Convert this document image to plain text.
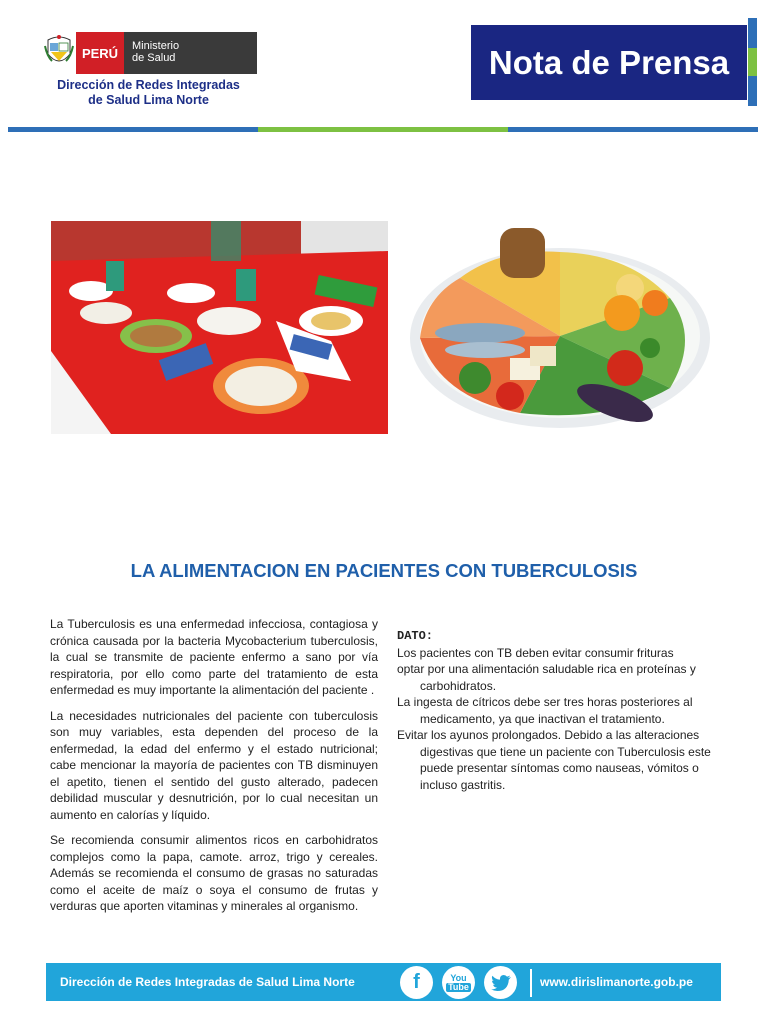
PERÚ Ministerio
de Salud
Dirección de Redes Integradas
de Salud Lima Norte
Nota de Prensa
LA ALIMENTACION EN PACIENTES CON TUBERCULOSIS

La Tuberculosis es una enfermedad infecciosa, contagiosa y crónica causada por la bacteria Mycobacterium tuberculosis, la cual se transmite de paciente enfermo a sano por vía respiratoria, por ello como parte del tratamiento de esta enfermedad es muy importante la alimentación del paciente .

La necesidades nutricionales del paciente con tuberculosis son muy variables, esta dependen del proceso de la enfermedad, la edad del enfermo y el estado nutricional; cabe mencionar la mayoría de pacientes con TB disminuyen el apetito, tienen el sentido del gusto alterado, padecen debilidad muscular y desnutrición, por lo cual necesitan un aumento en calorías y líquido.

Se recomienda consumir alimentos ricos en carbohidratos complejos como la papa, camote. arroz, trigo y cereales. Además se recomienda el consumo de grasas no saturadas como el aceite de maíz o soya el consumo de frutas y verduras que aporten vitaminas y minerales al organismo.

DATO:

Los pacientes con TB deben evitar consumir frituras

optar por una alimentación saludable rica en proteínas y carbohidratos.

La ingesta de cítricos debe ser tres horas posteriores al medicamento, ya que inactivan el tratamiento.

Evitar los ayunos prolongados. Debido a las alteraciones digestivas que tiene un paciente con Tuberculosis este puede presentar síntomas como nauseas, vómitos o incluso gastritis.

Dirección de Redes Integradas de Salud Lima Norte	f	You
Tube	www.dirislimanorte.gob.pe
